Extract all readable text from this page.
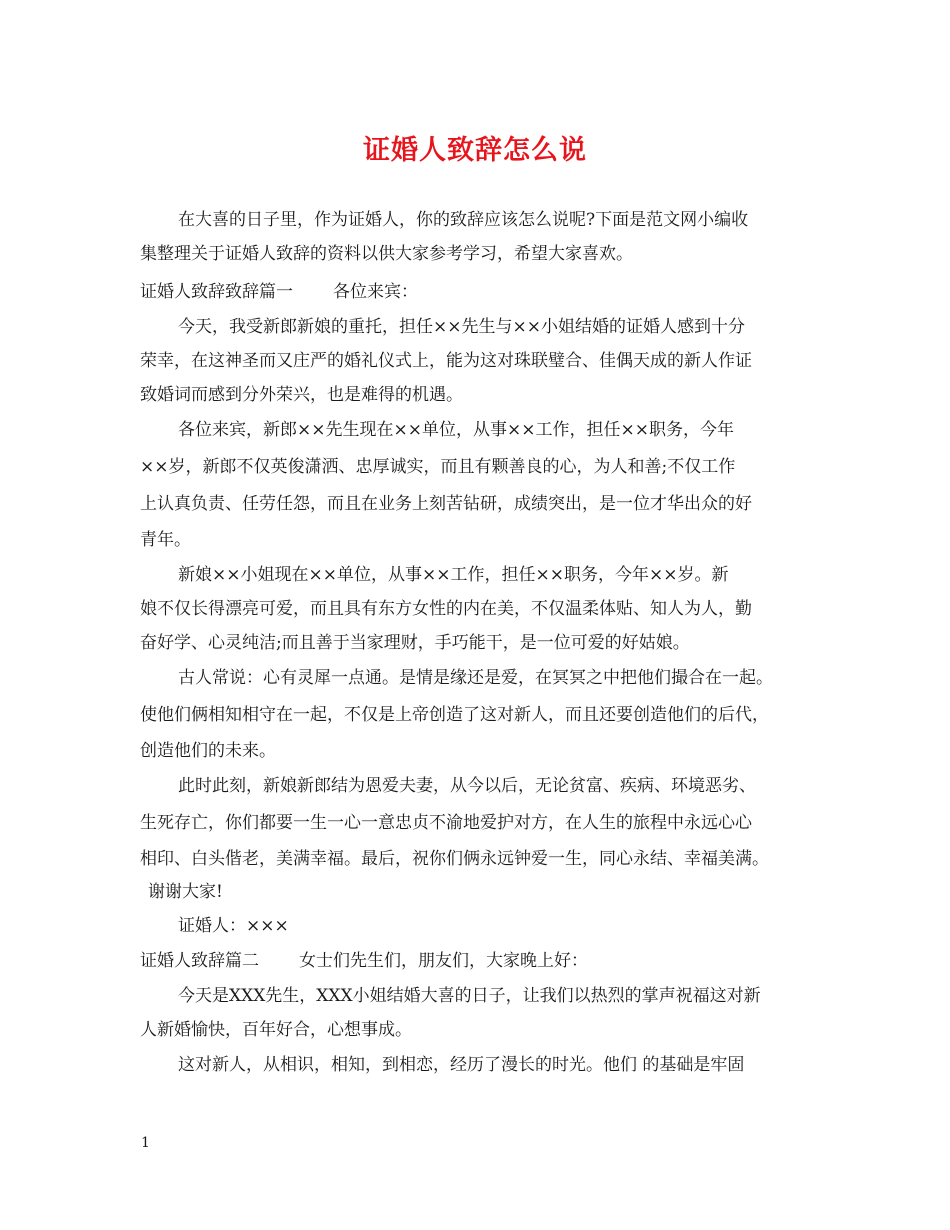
证婚人致辞怎么说
在大喜的日子里，作为证婚人，你的致辞应该怎么说呢?下面是范文网小编收
集整理关于证婚人致辞的资料以供大家参考学习，希望大家喜欢。
证婚人致辞致辞篇一 各位来宾：
今天，我受新郎新娘的重托，担任××先生与××小姐结婚的证婚人感到十分
荣幸，在这神圣而又庄严的婚礼仪式上，能为这对珠联璧合、佳偶天成的新人作证
致婚词而感到分外荣兴，也是难得的机遇。
各位来宾，新郎××先生现在××单位，从事××工作，担任××职务，今年
××岁，新郎不仅英俊潇洒、忠厚诚实，而且有颗善良的心，为人和善;不仅工作
上认真负责、任劳任怨，而且在业务上刻苦钻研，成绩突出，是一位才华出众的好
青年。
新娘××小姐现在××单位，从事××工作，担任××职务，今年××岁。新
娘不仅长得漂亮可爱，而且具有东方女性的内在美，不仅温柔体贴、知人为人，勤
奋好学、心灵纯洁;而且善于当家理财，手巧能干，是一位可爱的好姑娘。
古人常说：心有灵犀一点通。是情是缘还是爱，在冥冥之中把他们撮合在一起。
使他们俩相知相守在一起，不仅是上帝创造了这对新人，而且还要创造他们的后代，
创造他们的未来。
此时此刻，新娘新郎结为恩爱夫妻，从今以后，无论贫富、疾病、环境恶劣、
生死存亡，你们都要一生一心一意忠贞不渝地爱护对方，在人生的旅程中永远心心
相印、白头偕老，美满幸福。最后，祝你们俩永远钟爱一生，同心永结、幸福美满。
谢谢大家!
证婚人：×××
证婚人致辞篇二 女士们先生们，朋友们，大家晚上好：
今天是XXX先生，XXX小姐结婚大喜的日子，让我们以热烈的掌声祝福这对新
人新婚愉快，百年好合，心想事成。
这对新人，从相识，相知，到相恋，经历了漫长的时光。他们 的基础是牢固
1
